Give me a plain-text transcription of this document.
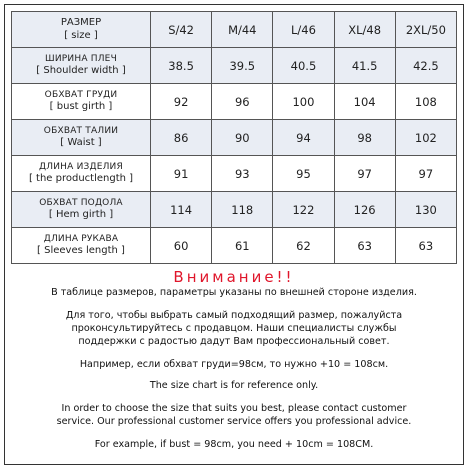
РАЗМЕР
[ size ]	S/42	M/44	L/46	XL/48	2XL/50

ШИРИНА ПЛЕЧ
[ Shoulder width ]	38.5	39.5	40.5	41.5	42.5

ОБХВАТ ГРУДИ
[ bust girth ]	92	96	100	104	108

ОБХВАТ ТАЛИИ
[ Waist ]	86	90	94	98	102

ДЛИНА ИЗДЕЛИЯ
[ the productlength ]	91	93	95	97	97

ОБХВАТ ПОДОЛА
[ Hem girth ]	114	118	122	126	130

ДЛИНА РУКАВА
[ Sleeves length ]	60	61	62	63	63
Внимание!!
В таблице размеров, параметры указаны по внешней стороне изделия.
Для того, чтобы выбрать самый подходящий размер, пожалуйста
проконсультируйтесь с продавцом. Наши специалисты службы
поддержки с радостью дадут Вам профессиональный совет.
Например, если обхват груди=98см, то нужно +10 = 108см.
The size chart is for reference only.
In order to choose the size that suits you best, please contact customer
service. Our professional customer service offers you professional advice.
For example, if bust = 98cm, you need + 10cm = 108CM.
